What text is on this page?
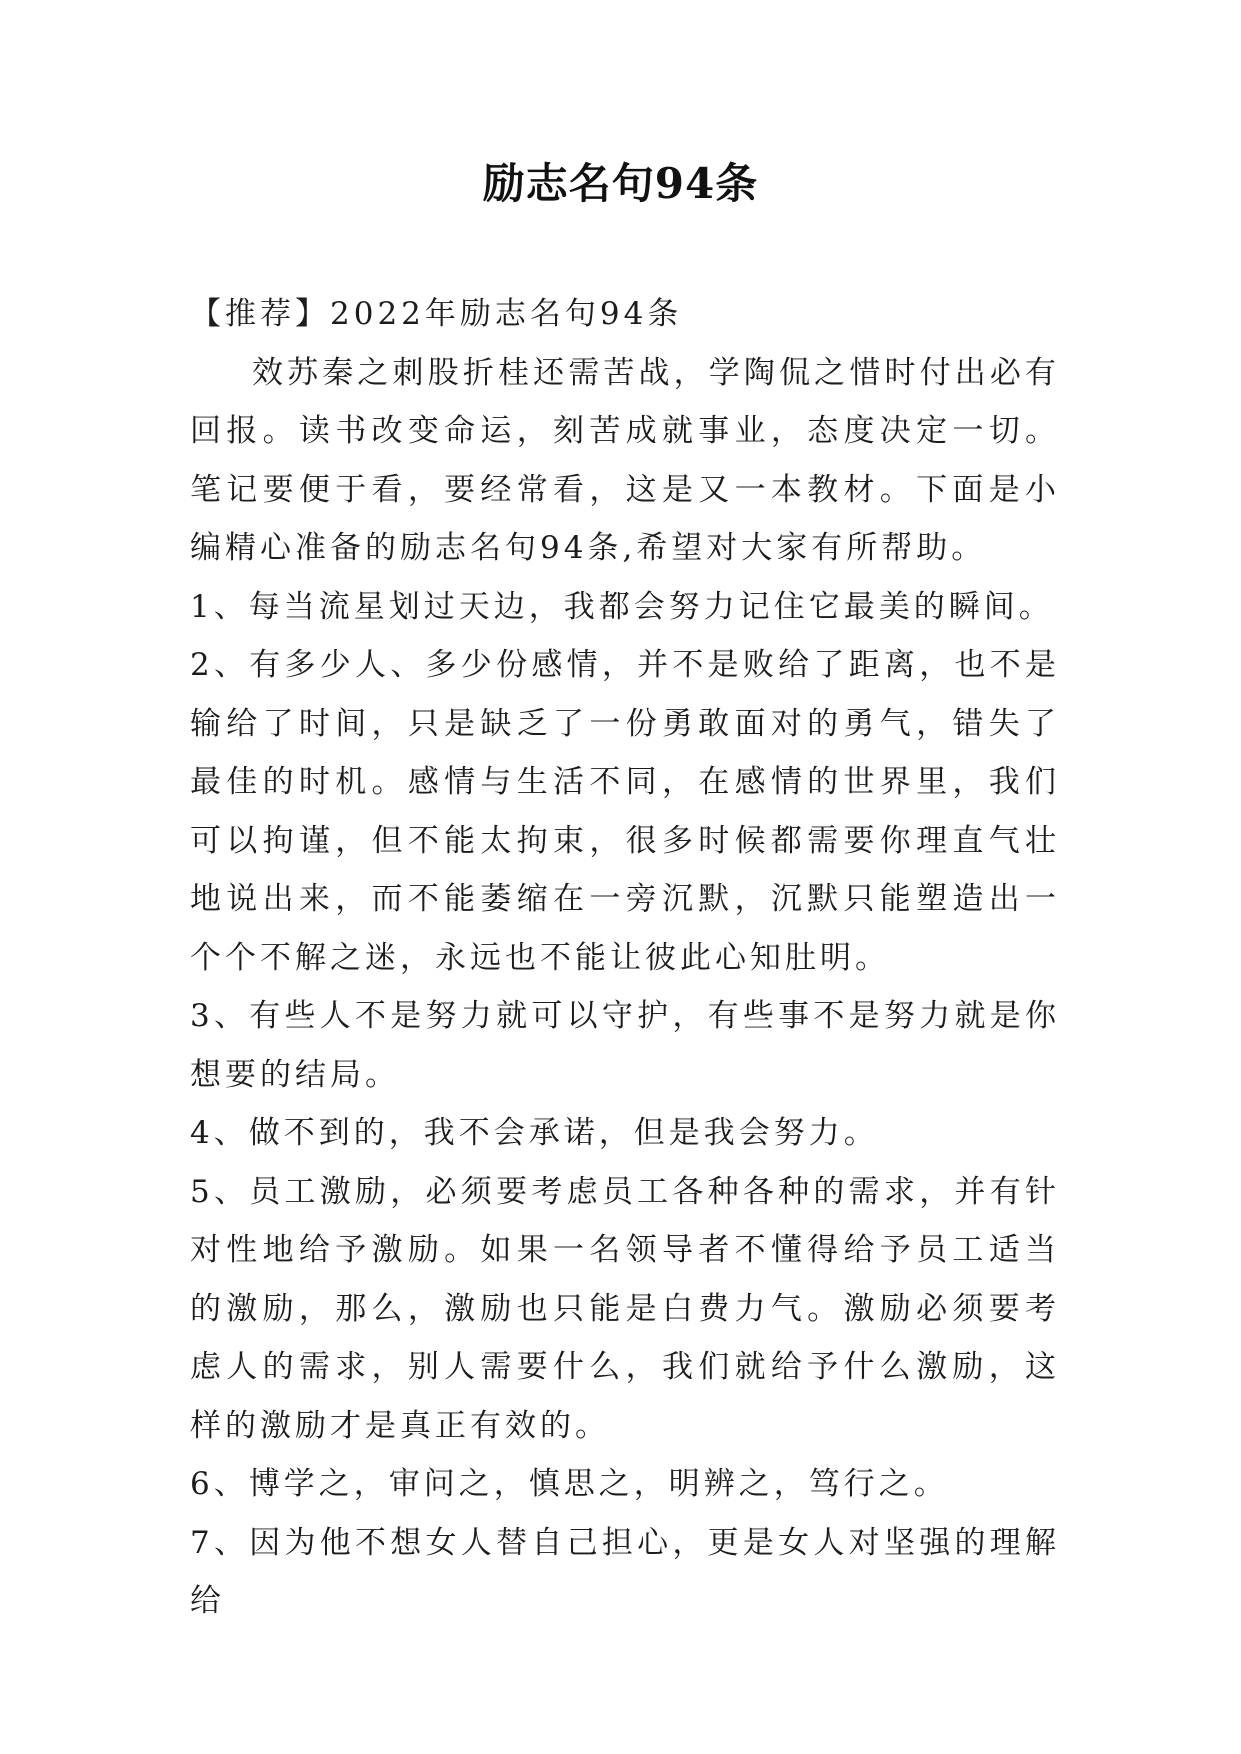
励志名句94条

【推荐】2022年励志名句94条

效苏秦之刺股折桂还需苦战，学陶侃之惜时付出必有回报。读书改变命运，刻苦成就事业，态度决定一切。笔记要便于看，要经常看，这是又一本教材。下面是小编精心准备的励志名句94条,希望对大家有所帮助。

1、每当流星划过天边，我都会努力记住它最美的瞬间。

2、有多少人、多少份感情，并不是败给了距离，也不是输给了时间，只是缺乏了一份勇敢面对的勇气，错失了最佳的时机。感情与生活不同，在感情的世界里，我们可以拘谨，但不能太拘束，很多时候都需要你理直气壮地说出来，而不能萎缩在一旁沉默，沉默只能塑造出一个个不解之迷，永远也不能让彼此心知肚明。

3、有些人不是努力就可以守护，有些事不是努力就是你想要的结局。

4、做不到的，我不会承诺，但是我会努力。

5、员工激励，必须要考虑员工各种各种的需求，并有针对性地给予激励。如果一名领导者不懂得给予员工适当的激励，那么，激励也只能是白费力气。激励必须要考虑人的需求，别人需要什么，我们就给予什么激励，这样的激励才是真正有效的。

6、博学之，审问之，慎思之，明辨之，笃行之。

7、因为他不想女人替自己担心，更是女人对坚强的理解给
